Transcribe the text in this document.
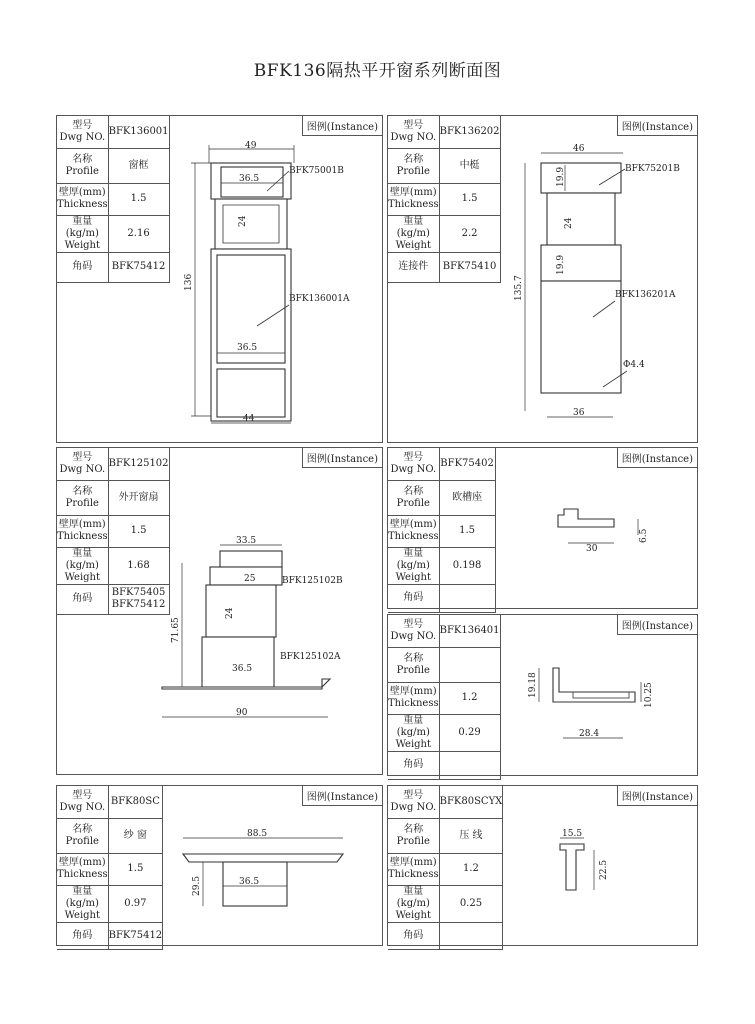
BFK136隔热平开窗系列断面图
型号
Dwg NO.	BFK136001

名称
Profile	窗框

壁厚(mm)
Thickness	1.5

重量(kg/m)
Weight	2.16
角码	BFK75412
图例(Instance)
49
36.5
BFK75001B
24
36.5
BFK136001A
136
44
型号
Dwg NO.	BFK136202

名称
Profile	中梃

壁厚(mm)
Thickness	1.5

重量(kg/m)
Weight	2.2
连接件	BFK75410
图例(Instance)
46
19.9	BFK75201B
24
19.9
BFK136201A
Φ4.4
135.7
36
型号
Dwg NO.	BFK125102

名称
Profile	外开窗扇

壁厚(mm)
Thickness	1.5

重量(kg/m)
Weight	1.68
角码	BFK75405
BFK75412
图例(Instance)
33.5
25	BFK125102B
24
36.5
BFK125102A
71.65
90
型号
Dwg NO.	BFK75402

名称
Profile	欧槽座

壁厚(mm)
Thickness	1.5

重量(kg/m)
Weight	0.198
角码	
图例(Instance)
30
6.5
型号
Dwg NO.	BFK136401

名称
Profile	

壁厚(mm)
Thickness	1.2

重量(kg/m)
Weight	0.29
角码	
图例(Instance)
19.18	10.25
28.4
型号
Dwg NO.	BFK80SC

名称
Profile	纱 窗

壁厚(mm)
Thickness	1.5

重量(kg/m)
Weight	0.97
角码	BFK75412
图例(Instance)
88.5
36.5
29.5
型号
Dwg NO.	BFK80SCYX

名称
Profile	压 线

壁厚(mm)
Thickness	1.2

重量(kg/m)
Weight	0.25
角码	
图例(Instance)
15.5
22.5
